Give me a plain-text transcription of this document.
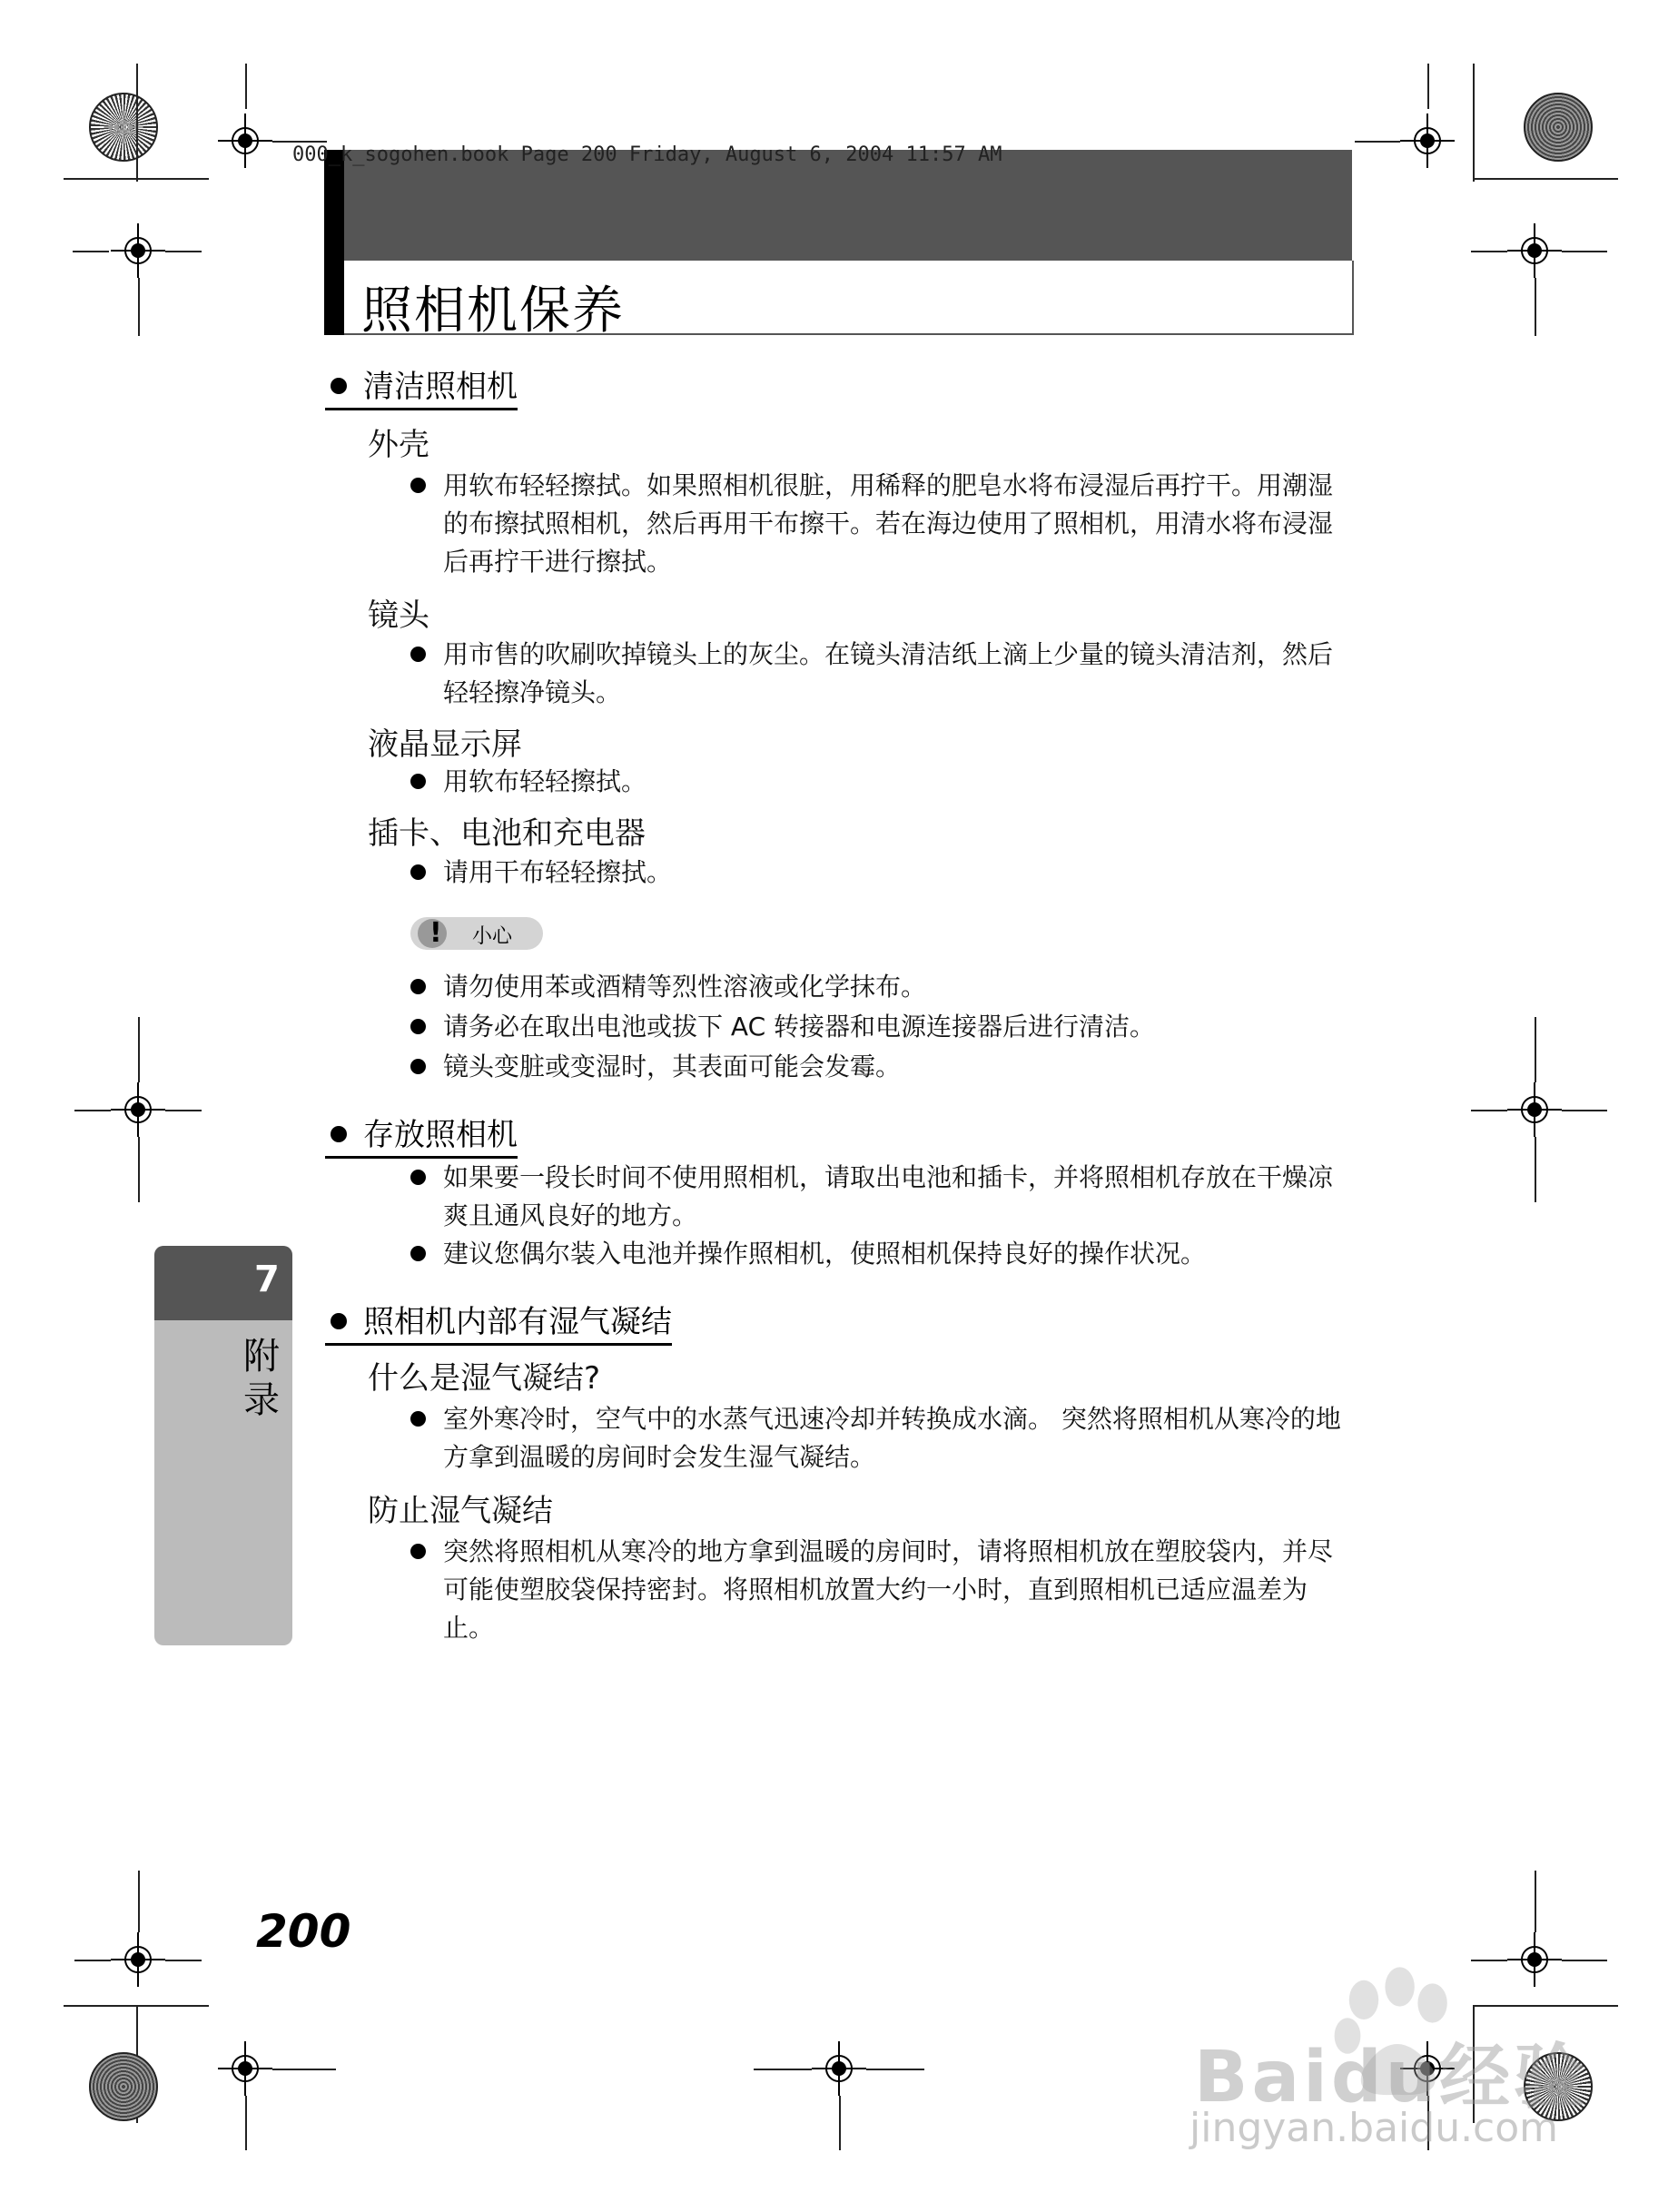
000_k_sogohen.book Page 200 Friday, August 6, 2004 11:57 AM
照相机保养
清洁照相机
外壳
用软布轻轻擦拭。如果照相机很脏，用稀释的肥皂水将布浸湿后再拧干。用潮湿的布擦拭照相机，然后再用干布擦干。若在海边使用了照相机，用清水将布浸湿后再拧干进行擦拭。
镜头
用市售的吹刷吹掉镜头上的灰尘。在镜头清洁纸上滴上少量的镜头清洁剂，然后轻轻擦净镜头。
液晶显示屏
用软布轻轻擦拭。
插卡、电池和充电器
请用干布轻轻擦拭。
! 小心
请勿使用苯或酒精等烈性溶液或化学抹布。
请务必在取出电池或拔下 AC 转接器和电源连接器后进行清洁。
镜头变脏或变湿时，其表面可能会发霉。
存放照相机
如果要一段长时间不使用照相机，请取出电池和插卡，并将照相机存放在干燥凉爽且通风良好的地方。
建议您偶尔装入电池并操作照相机，使照相机保持良好的操作状况。
照相机内部有湿气凝结
什么是湿气凝结?
室外寒冷时，空气中的水蒸气迅速冷却并转换成水滴。 突然将照相机从寒冷的地方拿到温暖的房间时会发生湿气凝结。
防止湿气凝结
突然将照相机从寒冷的地方拿到温暖的房间时，请将照相机放在塑胶袋内，并尽可能使塑胶袋保持密封。将照相机放置大约一小时，直到照相机已适应温差为止。
7
附录
200
Baidu经验
jingyan.baidu.com
